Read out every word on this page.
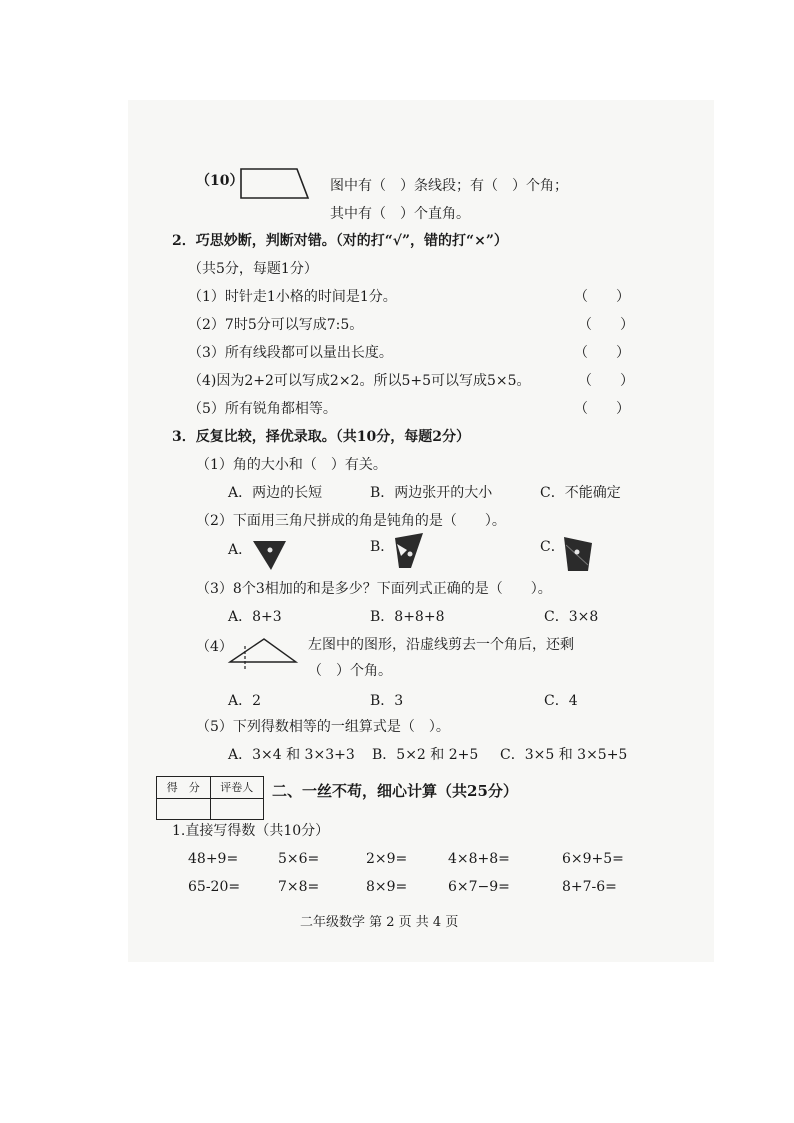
（10）	图中有（　）条线段；有（　）个角；
其中有（　）个直角。
2．巧思妙断，判断对错。（对的打“√”，错的打“×”）
（共5分，每题1分）
（1）时针走1小格的时间是1分。	（　　）
（2）7时5分可以写成7:5。	（　　）
（3）所有线段都可以量出长度。	（　　）
（4)因为2+2可以写成2×2。所以5+5可以写成5×5。	（　　）
（5）所有锐角都相等。	（　　）
3．反复比较，择优录取。（共10分，每题2分）
（1）角的大小和（　）有关。
A．两边的长短	B．两边张开的大小	C．不能确定
（2）下面用三角尺拼成的角是钝角的是（　　）。
A．	B．	C．
（3）8个3相加的和是多少？下面列式正确的是（　　）。
A．8+3	B．8+8+8	C．3×8
（4）	左图中的图形，沿虚线剪去一个角后，还剩
（　）个角。
A．2	B．3	C．4
（5）下列得数相等的一组算式是（　）。
A．3×4 和 3×3+3 B．5×2 和 2+5 C．3×5 和 3×5+5
得　分	评卷人
	二、一丝不苟，细心计算（共25分）
1.直接写得数（共10分）
48+9=	5×6=	2×9=	4×8+8=	6×9+5=
65-20=	7×8=	8×9=	6×7−9=	8+7-6=
二年级数学 第 2 页 共 4 页
